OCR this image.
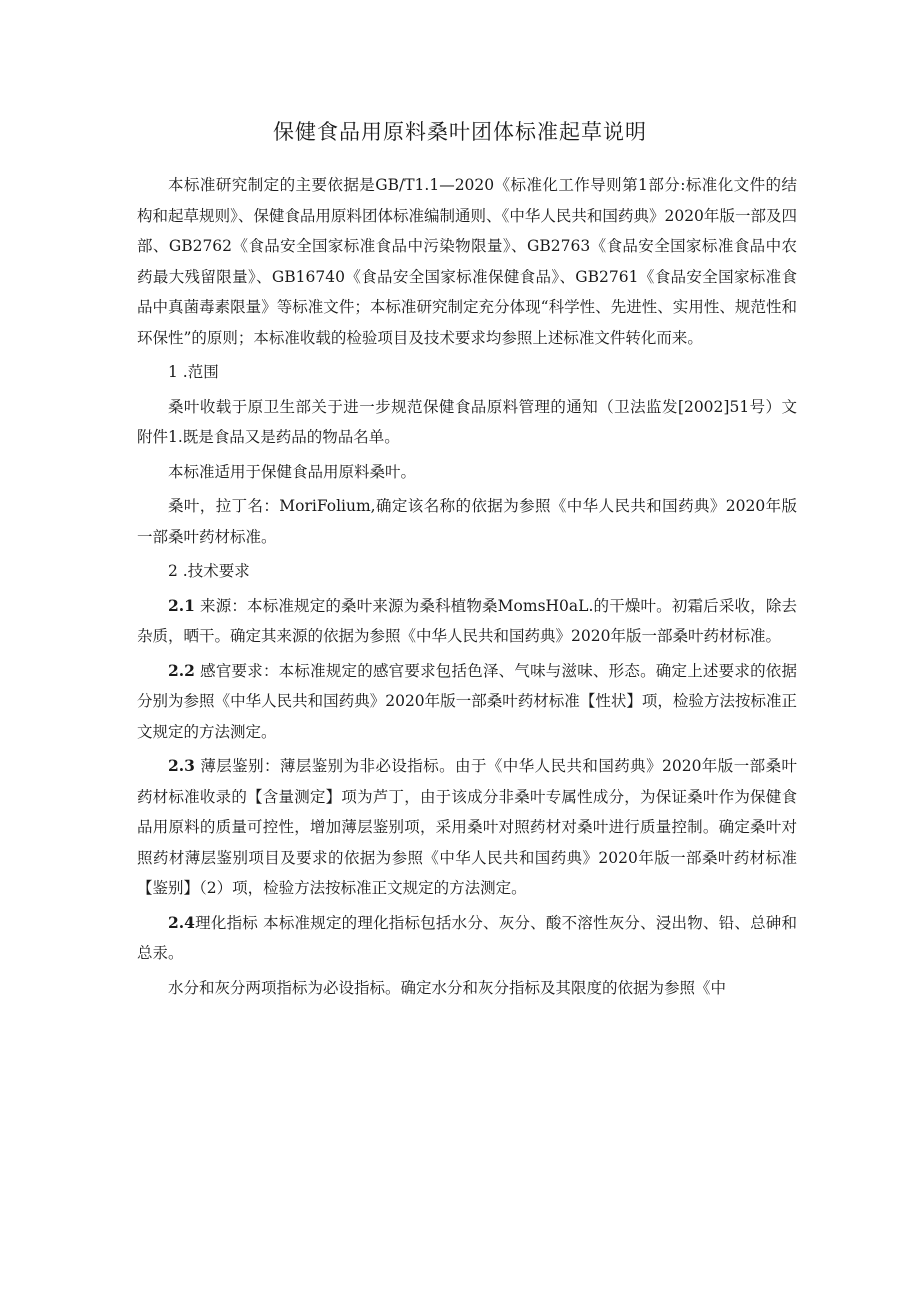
保健食品用原料桑叶团体标准起草说明

本标准研究制定的主要依据是GB/T1.1—2020《标准化工作导则第1部分:标准化文件的结构和起草规则》、保健食品用原料团体标准编制通则、《中华人民共和国药典》2020年版一部及四部、GB2762《食品安全国家标准食品中污染物限量》、GB2763《食品安全国家标准食品中农药最大残留限量》、GB16740《食品安全国家标准保健食品》、GB2761《食品安全国家标准食品中真菌毒素限量》等标准文件；本标准研究制定充分体现“科学性、先进性、实用性、规范性和环保性”的原则；本标准收载的检验项目及技术要求均参照上述标准文件转化而来。

1 .范围

桑叶收载于原卫生部关于进一步规范保健食品原料管理的通知（卫法监发[2002]51号）文附件1.既是食品又是药品的物品名单。

本标准适用于保健食品用原料桑叶。

桑叶，拉丁名：MoriFolium,确定该名称的依据为参照《中华人民共和国药典》2020年版一部桑叶药材标准。

2 .技术要求

2.1 来源：本标准规定的桑叶来源为桑科植物桑MomsH0aL.的干燥叶。初霜后采收，除去杂质，晒干。确定其来源的依据为参照《中华人民共和国药典》2020年版一部桑叶药材标准。

2.2 感官要求：本标准规定的感官要求包括色泽、气味与滋味、形态。确定上述要求的依据分别为参照《中华人民共和国药典》2020年版一部桑叶药材标准【性状】项，检验方法按标准正文规定的方法测定。

2.3 薄层鉴别：薄层鉴别为非必设指标。由于《中华人民共和国药典》2020年版一部桑叶药材标准收录的【含量测定】项为芦丁，由于该成分非桑叶专属性成分，为保证桑叶作为保健食品用原料的质量可控性，增加薄层鉴别项，采用桑叶对照药材对桑叶进行质量控制。确定桑叶对照药材薄层鉴别项目及要求的依据为参照《中华人民共和国药典》2020年版一部桑叶药材标准【鉴别】（2）项，检验方法按标准正文规定的方法测定。

2.4理化指标 本标准规定的理化指标包括水分、灰分、酸不溶性灰分、浸出物、铅、总砷和总汞。

水分和灰分两项指标为必设指标。确定水分和灰分指标及其限度的依据为参照《中
